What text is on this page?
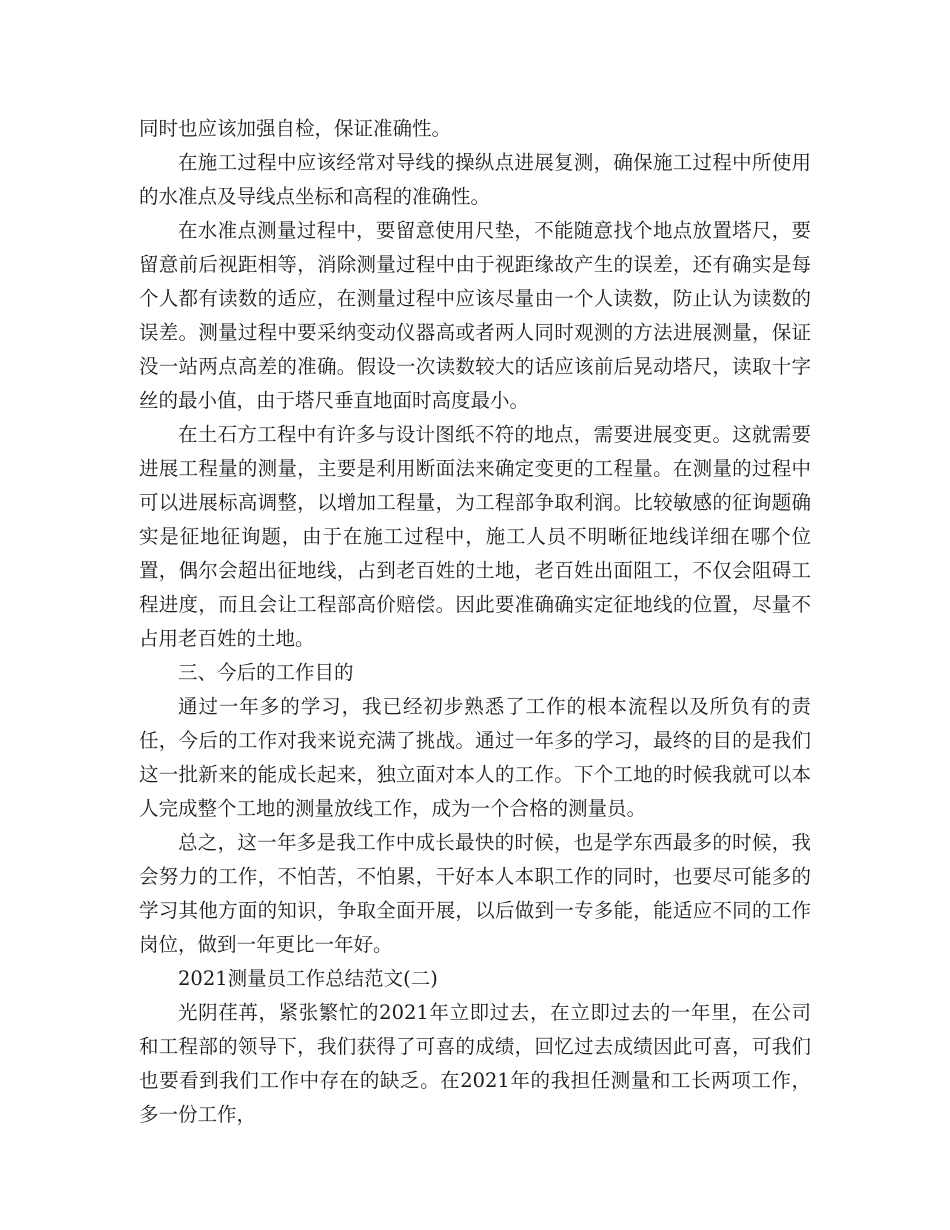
同时也应该加强自检，保证准确性。

在施工过程中应该经常对导线的操纵点进展复测，确保施工过程中所使用的水准点及导线点坐标和高程的准确性。

在水准点测量过程中，要留意使用尺垫，不能随意找个地点放置塔尺，要留意前后视距相等，消除测量过程中由于视距缘故产生的误差，还有确实是每个人都有读数的适应，在测量过程中应该尽量由一个人读数，防止认为读数的误差。测量过程中要采纳变动仪器高或者两人同时观测的方法进展测量，保证没一站两点高差的准确。假设一次读数较大的话应该前后晃动塔尺，读取十字丝的最小值，由于塔尺垂直地面时高度最小。

在土石方工程中有许多与设计图纸不符的地点，需要进展变更。这就需要进展工程量的测量，主要是利用断面法来确定变更的工程量。在测量的过程中可以进展标高调整，以增加工程量，为工程部争取利润。比较敏感的征询题确实是征地征询题，由于在施工过程中，施工人员不明晰征地线详细在哪个位置，偶尔会超出征地线，占到老百姓的土地，老百姓出面阻工，不仅会阻碍工程进度，而且会让工程部高价赔偿。因此要准确确实定征地线的位置，尽量不占用老百姓的土地。

三、今后的工作目的

通过一年多的学习，我已经初步熟悉了工作的根本流程以及所负有的责任，今后的工作对我来说充满了挑战。通过一年多的学习，最终的目的是我们这一批新来的能成长起来，独立面对本人的工作。下个工地的时候我就可以本人完成整个工地的测量放线工作，成为一个合格的测量员。

总之，这一年多是我工作中成长最快的时候，也是学东西最多的时候，我会努力的工作，不怕苦，不怕累，干好本人本职工作的同时，也要尽可能多的学习其他方面的知识，争取全面开展，以后做到一专多能，能适应不同的工作岗位，做到一年更比一年好。

2021测量员工作总结范文(二)

光阴荏苒，紧张繁忙的2021年立即过去，在立即过去的一年里，在公司和工程部的领导下，我们获得了可喜的成绩，回忆过去成绩因此可喜，可我们也要看到我们工作中存在的缺乏。在2021年的我担任测量和工长两项工作，多一份工作，
